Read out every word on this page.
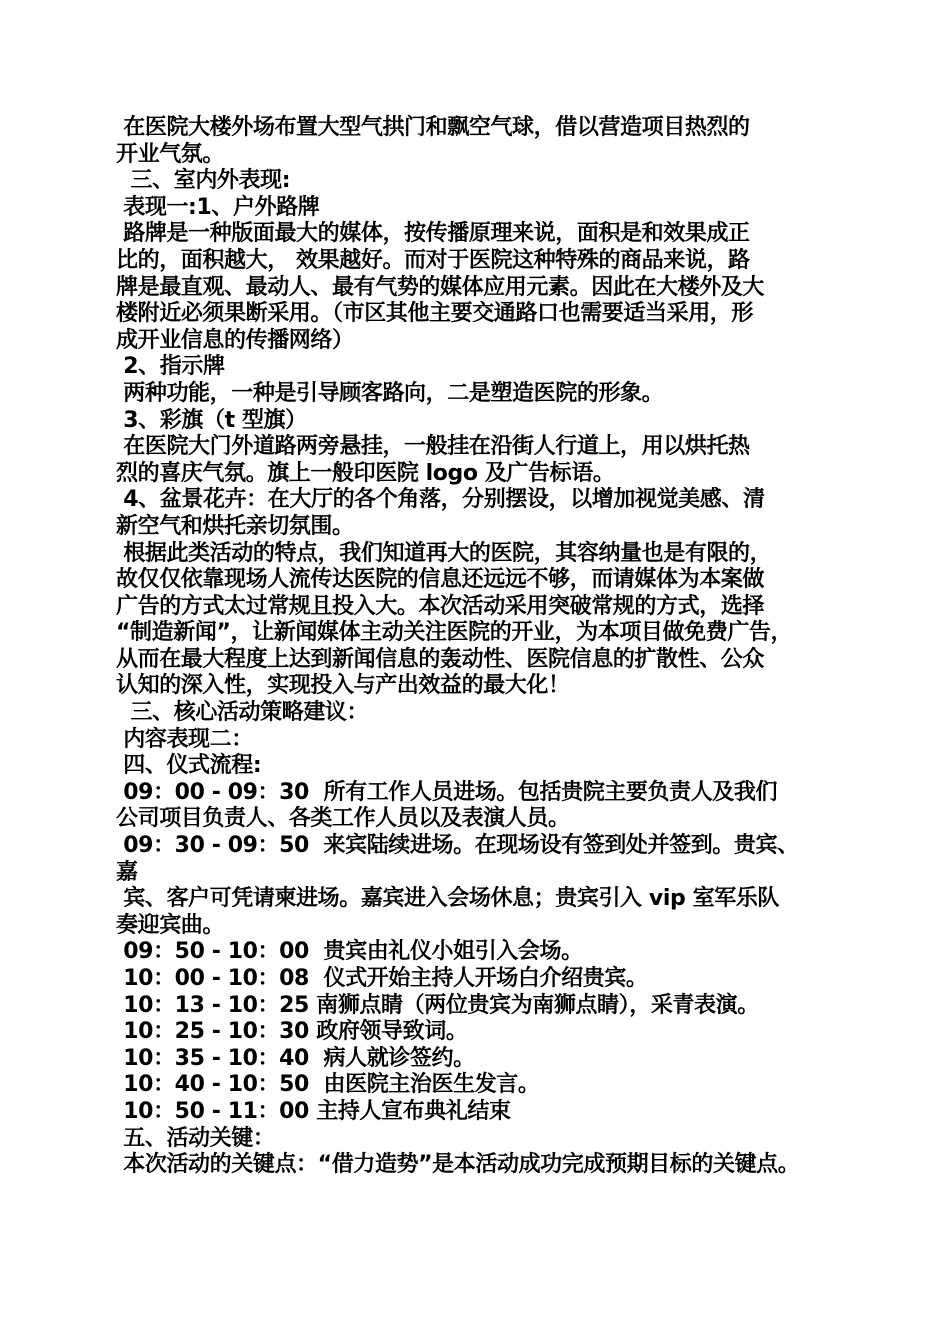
在医院大楼外场布置大型气拱门和飘空气球，借以营造项目热烈的
开业气氛。
三、室内外表现:
表现一:1、户外路牌
路牌是一种版面最大的媒体，按传播原理来说，面积是和效果成正
比的，面积越大， 效果越好。而对于医院这种特殊的商品来说，路
牌是最直观、最动人、最有气势的媒体应用元素。因此在大楼外及大
楼附近必须果断采用。（市区其他主要交通路口也需要适当采用，形
成开业信息的传播网络）
2、指示牌
两种功能，一种是引导顾客路向，二是塑造医院的形象。
3、彩旗（t 型旗）
在医院大门外道路两旁悬挂，一般挂在沿街人行道上，用以烘托热
烈的喜庆气氛。旗上一般印医院 logo 及广告标语。
4、盆景花卉：在大厅的各个角落，分别摆设，以增加视觉美感、清
新空气和烘托亲切氛围。
根据此类活动的特点，我们知道再大的医院，其容纳量也是有限的，
故仅仅依靠现场人流传达医院的信息还远远不够，而请媒体为本案做
广告的方式太过常规且投入大。本次活动采用突破常规的方式，选择
“制造新闻”，让新闻媒体主动关注医院的开业，为本项目做免费广告，
从而在最大程度上达到新闻信息的轰动性、医院信息的扩散性、公众
认知的深入性，实现投入与产出效益的最大化！
三、核心活动策略建议：
内容表现二：
四、仪式流程:
09：00 - 09：30  所有工作人员进场。包括贵院主要负责人及我们
公司项目负责人、各类工作人员以及表演人员。
09：30 - 09：50  来宾陆续进场。在现场设有签到处并签到。贵宾、
嘉
宾、客户可凭请柬进场。嘉宾进入会场休息；贵宾引入 vip 室军乐队
奏迎宾曲。
09：50 - 10：00  贵宾由礼仪小姐引入会场。
10：00 - 10：08  仪式开始主持人开场白介绍贵宾。
10：13 - 10：25 南狮点睛（两位贵宾为南狮点睛），采青表演。
10：25 - 10：30 政府领导致词。
10：35 - 10：40  病人就诊签约。
10：40 - 10：50  由医院主治医生发言。
10：50 - 11：00 主持人宣布典礼结束
五、活动关键：
本次活动的关键点：“借力造势”是本活动成功完成预期目标的关键点。
